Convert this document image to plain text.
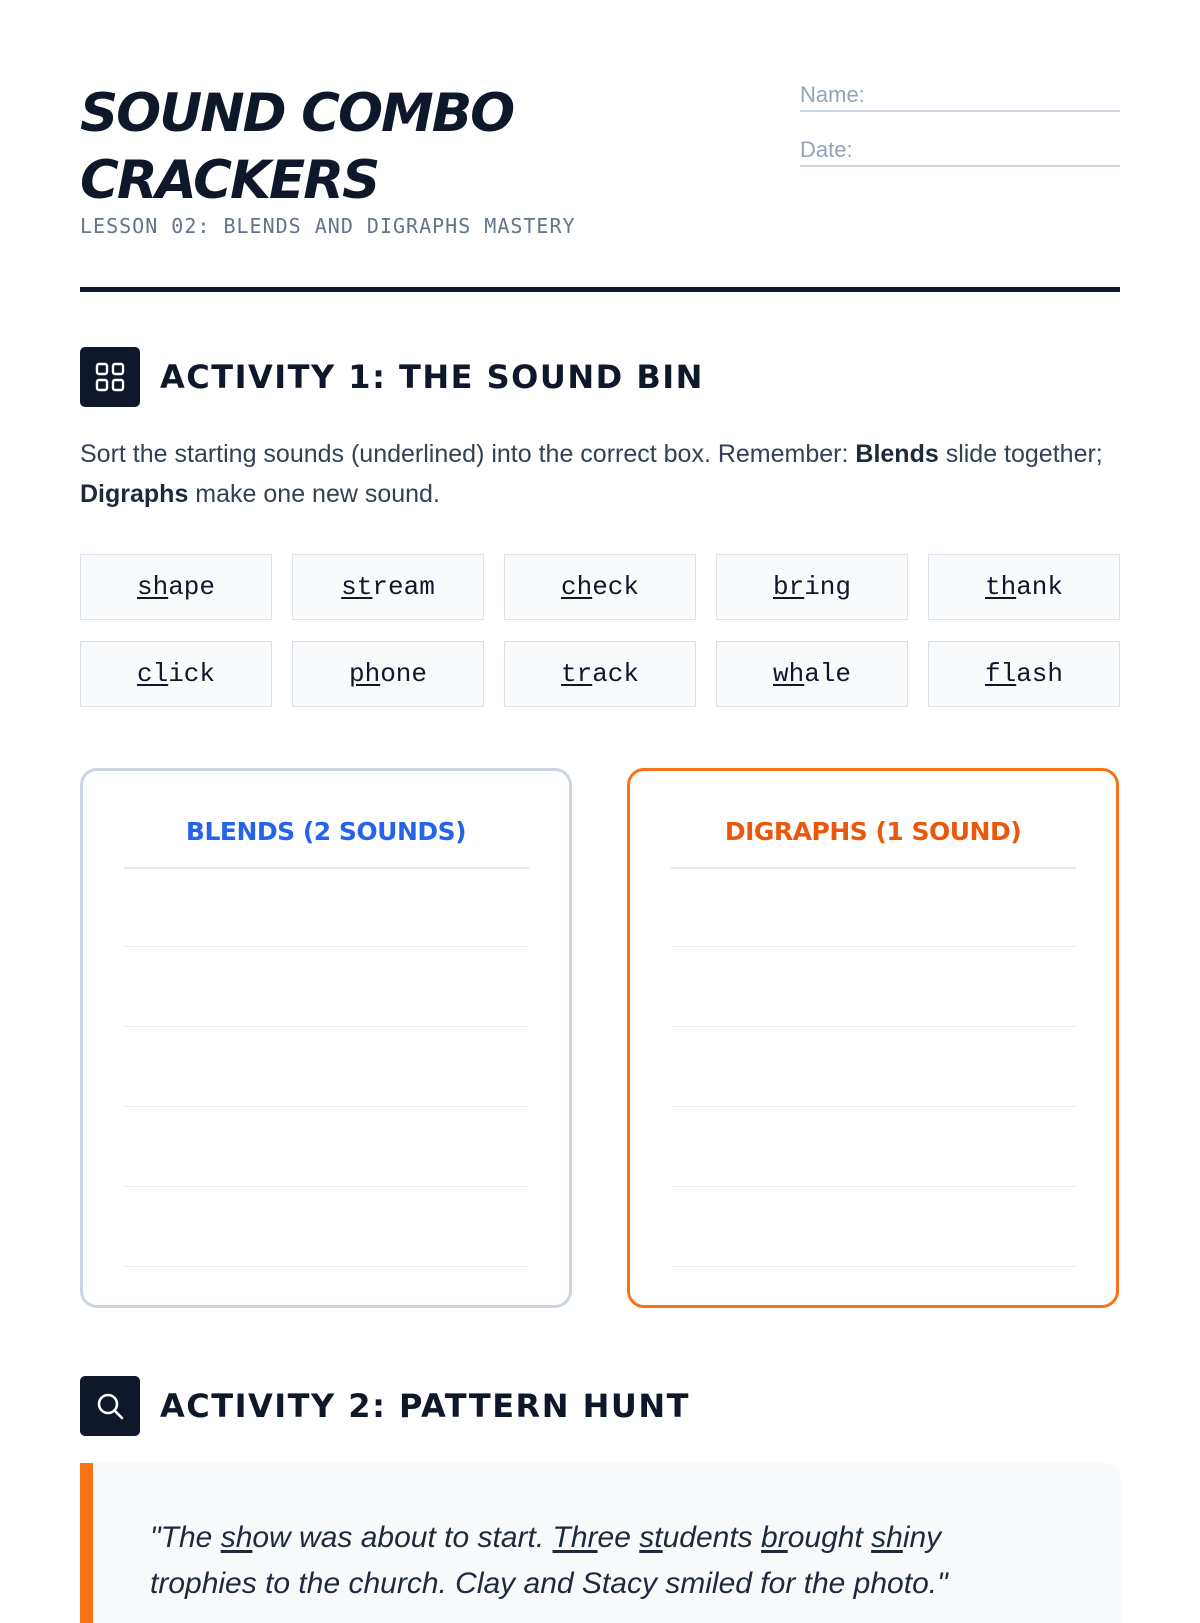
SOUND COMBO
CRACKERS
LESSON 02: BLENDS AND DIGRAPHS MASTERY
Name:
Date:
ACTIVITY 1: THE SOUND BIN
Sort the starting sounds (underlined) into the correct box. Remember: Blends slide together; Digraphs make one new sound.
sh ape	st ream	ch eck	br ing	th ank
cl ick	ph one	tr ack	wh ale	fl ash
BLENDS (2 SOUNDS)	DIGRAPHS (1 SOUND)
ACTIVITY 2: PATTERN HUNT
"The show was about to start. Three students brought shiny trophies to the church. Clay and Stacy smiled for the photo."
